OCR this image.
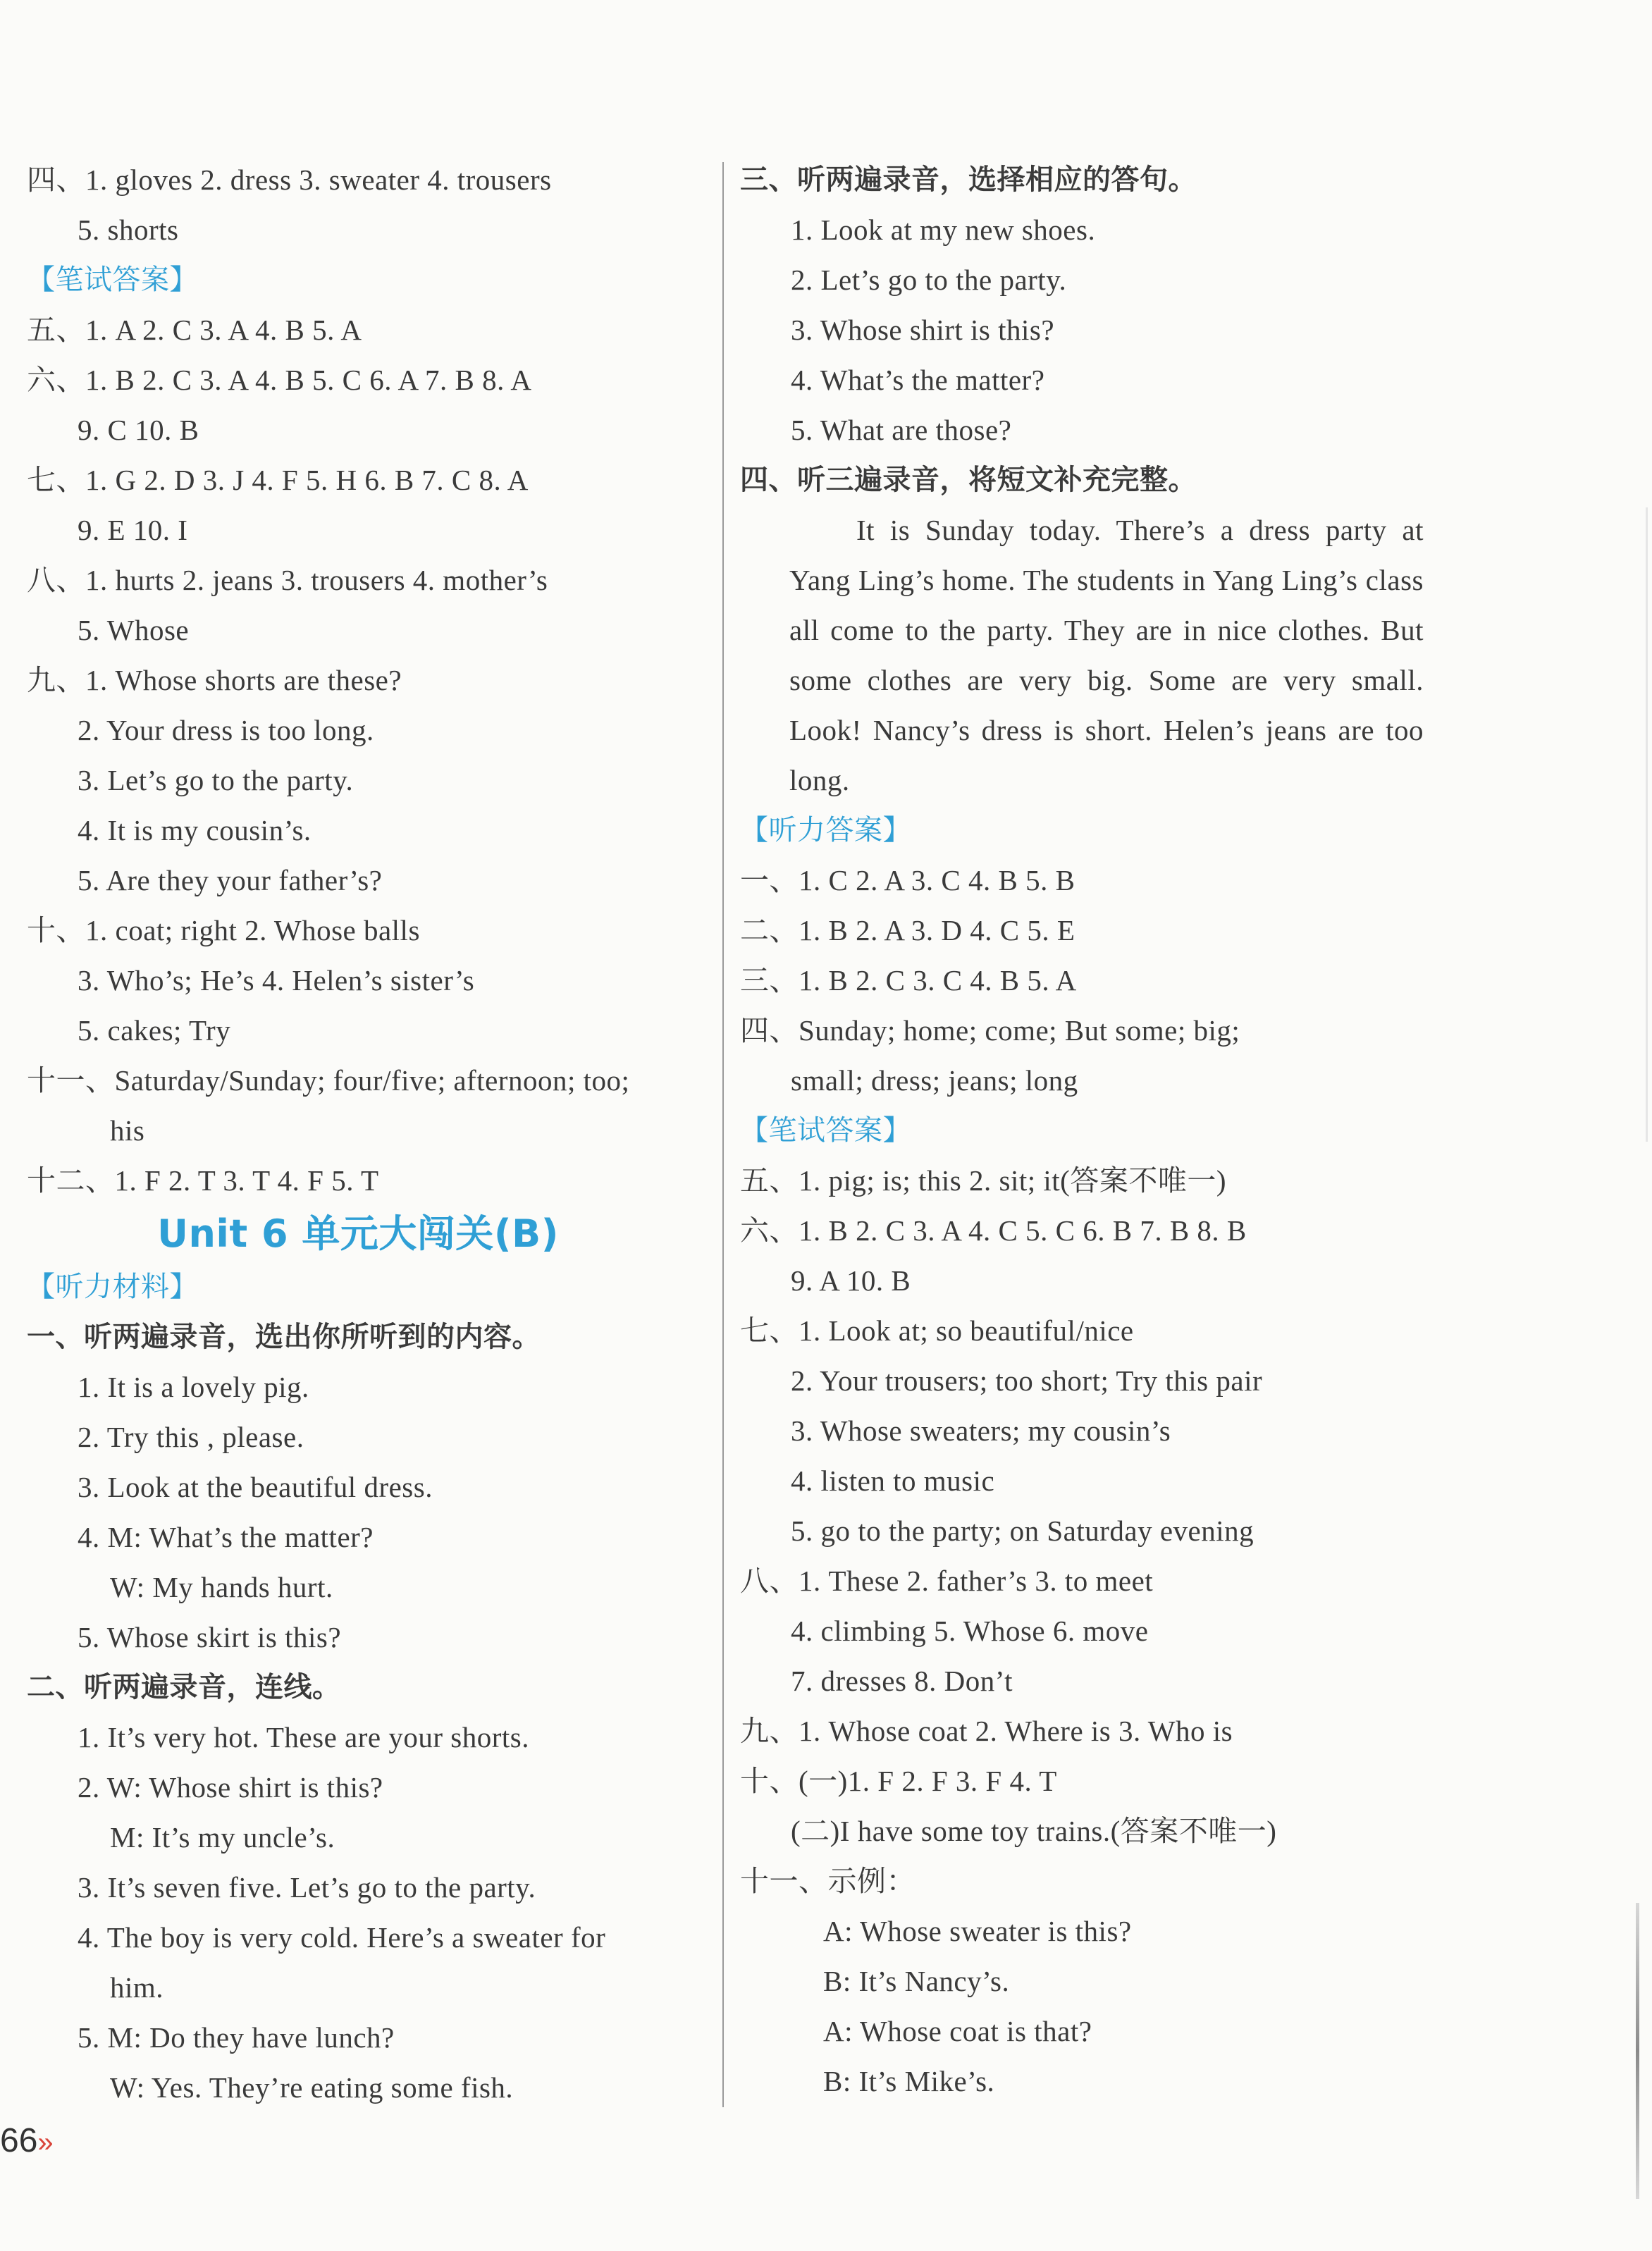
四、1. gloves 2. dress 3. sweater 4. trousers
5. shorts
【笔试答案】
五、1. A 2. C 3. A 4. B 5. A
六、1. B 2. C 3. A 4. B 5. C 6. A 7. B 8. A
9. C 10. B
七、1. G 2. D 3. J 4. F 5. H 6. B 7. C 8. A
9. E 10. I
八、1. hurts 2. jeans 3. trousers 4. mother’s
5. Whose
九、1. Whose shorts are these?
2. Your dress is too long.
3. Let’s go to the party.
4. It is my cousin’s.
5. Are they your father’s?
十、1. coat; right 2. Whose balls
3. Who’s; He’s 4. Helen’s sister’s
5. cakes; Try
十一、Saturday/Sunday; four/five; afternoon; too;
his
十二、1. F 2. T 3. T 4. F 5. T
Unit 6 单元大闯关(B)
【听力材料】
一、听两遍录音，选出你所听到的内容。
1. It is a lovely pig.
2. Try this , please.
3. Look at the beautiful dress.
4. M: What’s the matter?
W: My hands hurt.
5. Whose skirt is this?
二、听两遍录音，连线。
1. It’s very hot. These are your shorts.
2. W: Whose shirt is this?
M: It’s my uncle’s.
3. It’s seven five. Let’s go to the party.
4. The boy is very cold. Here’s a sweater for
him.
5. M: Do they have lunch?
W: Yes. They’re eating some fish.
三、听两遍录音，选择相应的答句。
1. Look at my new shoes.
2. Let’s go to the party.
3. Whose shirt is this?
4. What’s the matter?
5. What are those?
四、听三遍录音，将短文补充完整。
It is Sunday today. There’s a dress party at Yang Ling’s home. The students in Yang Ling’s class all come to the party. They are in nice clothes. But some clothes are very big. Some are very small. Look! Nancy’s dress is short. Helen’s jeans are too long.
【听力答案】
一、1. C 2. A 3. C 4. B 5. B
二、1. B 2. A 3. D 4. C 5. E
三、1. B 2. C 3. C 4. B 5. A
四、Sunday; home; come; But some; big;
small; dress; jeans; long
【笔试答案】
五、1. pig; is; this 2. sit; it(答案不唯一)
六、1. B 2. C 3. A 4. C 5. C 6. B 7. B 8. B
9. A 10. B
七、1. Look at; so beautiful/nice
2. Your trousers; too short; Try this pair
3. Whose sweaters; my cousin’s
4. listen to music
5. go to the party; on Saturday evening
八、1. These 2. father’s 3. to meet
4. climbing 5. Whose 6. move
7. dresses 8. Don’t
九、1. Whose coat 2. Where is 3. Who is
十、(一)1. F 2. F 3. F 4. T
(二)I have some toy trains.(答案不唯一)
十一、示例：
A: Whose sweater is this?
B: It’s Nancy’s.
A: Whose coat is that?
B: It’s Mike’s.
66»
